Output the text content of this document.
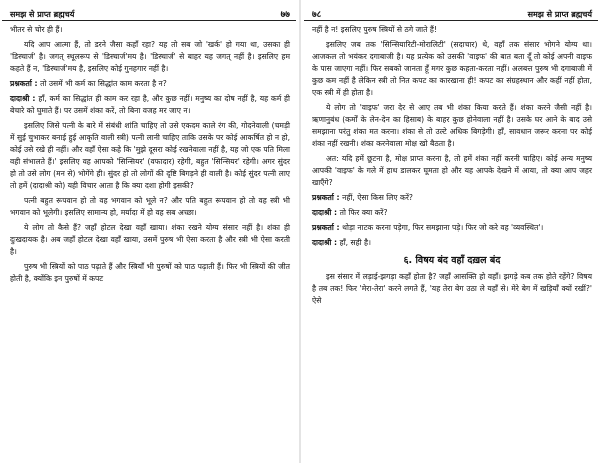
समझ से प्राप्त ब्रह्मचर्य	७७

भीतर से चोर ही हैं।

यदि आप आत्मा हैं, तो डरने जैसा कहाँ रहा? यह तो सब जो 'खर्क' हो गया था, उसका ही 'डिस्चार्ज' है। जगत् स्थूलरूप से 'डिस्चार्ज'मय है। 'डिस्चार्ज' से बाहर यह जगत् नहीं है। इसलिए हम कहते हैं न, 'डिस्चार्ज'मय है, इसलिए कोई गुनहगार नहीं है।

प्रश्नकर्ता : तो उसमें भी कर्म का सिद्धांत काम करता है न?

दादाश्री : हाँ, कर्म का सिद्धांत ही काम कर रहा है, और कुछ नहीं। मनुष्य का दोष नहीं है, यह कर्म ही बेचारे को घुमाते हैं। पर उसमें शंका करें, तो बिना वजह मर जाए न।

इसलिए जिसे पत्नी के बारे में संबंधी शांति चाहिए तो उसे एकदम काले रंग की, गोदनेवाली (चमड़ी में सुई चुभाकर बनाई हुई आकृति वाली स्त्री) पत्नी लानी चाहिए ताकि उसके पर कोई आकर्षित हो न हो, कोई उसे रखे ही नहीं। और वहाँ ऐसा कहे कि 'मुझे दूसरा कोई रखनेवाला नहीं है, यह जो एक पति मिला वही संभालते हैं।' इसलिए वह आपको 'सिन्सियर' (वफादार) रहेगी, बहुत 'सिन्सियर' रहेगी। अगर सुंदर हो तो उसे लोग (मन से) भोगेंगे ही। सुंदर हो तो लोगों की दृष्टि बिगड़ने ही वाली है। कोई सुंदर पत्नी लाए तो हमें (दादाश्री को) यही विचार आता है कि क्या दशा होगी इसकी?

पत्नी बहुत रूपवान हो तो वह भगवान को भूले न? और पति बहुत रूपवान हो तो वह स्त्री भी भगवान को भूलेगी। इसलिए सामान्य हो, मर्यादा में हो वह सब अच्छा।

ये लोग तो कैसे हैं? जहाँ होटल देखा वहाँ खाया। शंका रखने योग्य संसार नहीं है। शंका ही दुःखदायक है। अब जहाँ होटल देखा वहाँ खाया, उसमें पुरुष भी ऐसा करता है और स्त्री भी ऐसा करती है।

पुरुष भी स्त्रियों को पाठ पढ़ाते हैं और स्त्रियाँ भी पुरुषों को पाठ पढ़ाती हैं। फिर भी स्त्रियों की जीत होती है, क्योंकि इन पुरुषों में कपट

७८	समझ से प्राप्त ब्रह्मचर्य

नहीं है न! इसलिए पुरुष स्त्रियों से ठगे जाते हैं!

इसलिए जब तक 'सिन्सियारिटी-मोरालिटी' (सदाचार) थे, वहाँ तक संसार भोगने योग्य था। आजकल तो भयंकर दगाबाजी है। यह प्रत्येक को उसकी 'वाइफ' की बात बता दूँ तो कोई अपनी वाइफ के पास जाएगा नहीं। फिर सबको जानता हूँ मगर कुछ कहता-करता नहीं। अलबत्त पुरुष भी दगाबाजी में कुछ कम नहीं है लेकिन स्त्री तो नित कपट का कारखाना ही! कपट का संग्रहस्थान और कहीं नहीं होता, एक स्त्री में ही होता है।

ये लोग तो 'वाइफ' जरा देर से आए तब भी शंका किया करते हैं। शंका करने जैसी नहीं है। ऋणानुबंध (कर्मों के लेन-देन का हिसाब) के बाहर कुछ होनेवाला नहीं है। उसके घर आने के बाद उसे समझाना परंतु शंका मत करना। शंका से तो उल्टे अधिक बिगड़ेगी। हाँ, सावधान जरूर करना पर कोई शंका नहीं रखनी। शंका करनेवाला मोक्ष खो बैठता है।

अत: यदि हमें छूटना है, मोक्ष प्राप्त करना है, तो हमें शंका नहीं करनी चाहिए। कोई अन्य मनुष्य आपकी 'वाइफ' के गले में हाथ डालकर घूमता हो और यह आपके देखने में आया, तो क्या आप जहर खाएँगे?

प्रश्नकर्ता : नहीं, ऐसा किस लिए करें?

दादाश्री : तो फिर क्या करें?

प्रश्नकर्ता : थोड़ा नाटक करना पड़ेगा, फिर समझाना पड़े। फिर जो करे वह 'व्यवस्थित'।

दादाश्री : हाँ, सही है।

६. विषय बंद वहाँ दख़ल बंद

इस संसार में लड़ाई-झगड़ा कहाँ होता है? जहाँ आसक्ति हो वहाँ। झगड़े कब तक होते रहेंगे? विषय है तब तक! फिर 'मेरा-तेरा' करने लगते हैं, 'यह तेरा बेग उठा ले यहाँ से। मेरे बेग में खड़ियाँ क्यों रखीं?' ऐसे
